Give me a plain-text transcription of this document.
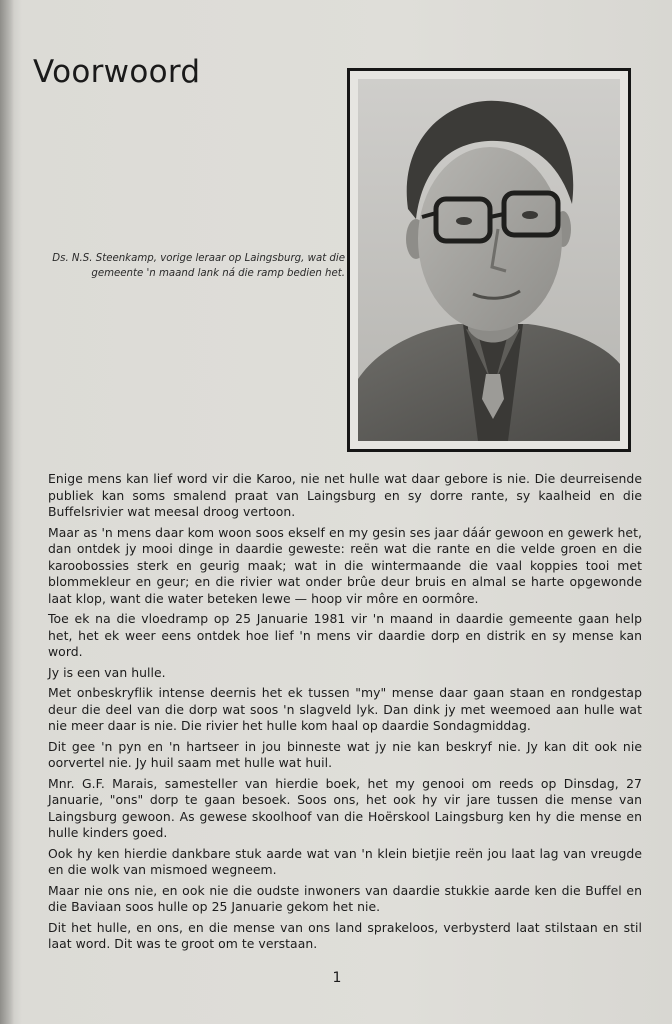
Voorwoord

Ds. N.S. Steenkamp, vorige leraar op Laingsburg, wat die gemeente 'n maand lank ná die ramp bedien het.

Enige mens kan lief word vir die Karoo, nie net hulle wat daar gebore is nie. Die deurreisende publiek kan soms smalend praat van Laingsburg en sy dorre rante, sy kaalheid en die Buffelsrivier wat meesal droog vertoon.

Maar as 'n mens daar kom woon soos ekself en my gesin ses jaar dáár gewoon en gewerk het, dan ontdek jy mooi dinge in daardie geweste: reën wat die rante en die velde groen en die karoobossies sterk en geurig maak; wat in die wintermaande die vaal koppies tooi met blommekleur en geur; en die rivier wat onder brûe deur bruis en almal se harte opgewonde laat klop, want die water beteken lewe — hoop vir môre en oormôre.

Toe ek na die vloedramp op 25 Januarie 1981 vir 'n maand in daardie gemeente gaan help het, het ek weer eens ontdek hoe lief 'n mens vir daardie dorp en distrik en sy mense kan word.

Jy is een van hulle.

Met onbeskryflik intense deernis het ek tussen "my" mense daar gaan staan en rondgestap deur die deel van die dorp wat soos 'n slagveld lyk. Dan dink jy met weemoed aan hulle wat nie meer daar is nie. Die rivier het hulle kom haal op daardie Sondagmiddag.

Dit gee 'n pyn en 'n hartseer in jou binneste wat jy nie kan beskryf nie. Jy kan dit ook nie oorvertel nie. Jy huil saam met hulle wat huil.

Mnr. G.F. Marais, samesteller van hierdie boek, het my genooi om reeds op Dinsdag, 27 Januarie, "ons" dorp te gaan besoek. Soos ons, het ook hy vir jare tussen die mense van Laingsburg gewoon. As gewese skoolhoof van die Hoërskool Laingsburg ken hy die mense en hulle kinders goed.

Ook hy ken hierdie dankbare stuk aarde wat van 'n klein bietjie reën jou laat lag van vreugde en die wolk van mismoed wegneem.

Maar nie ons nie, en ook nie die oudste inwoners van daardie stukkie aarde ken die Buffel en die Baviaan soos hulle op 25 Januarie gekom het nie.

Dit het hulle, en ons, en die mense van ons land sprakeloos, verbysterd laat stilstaan en stil laat word. Dit was te groot om te verstaan.

1
